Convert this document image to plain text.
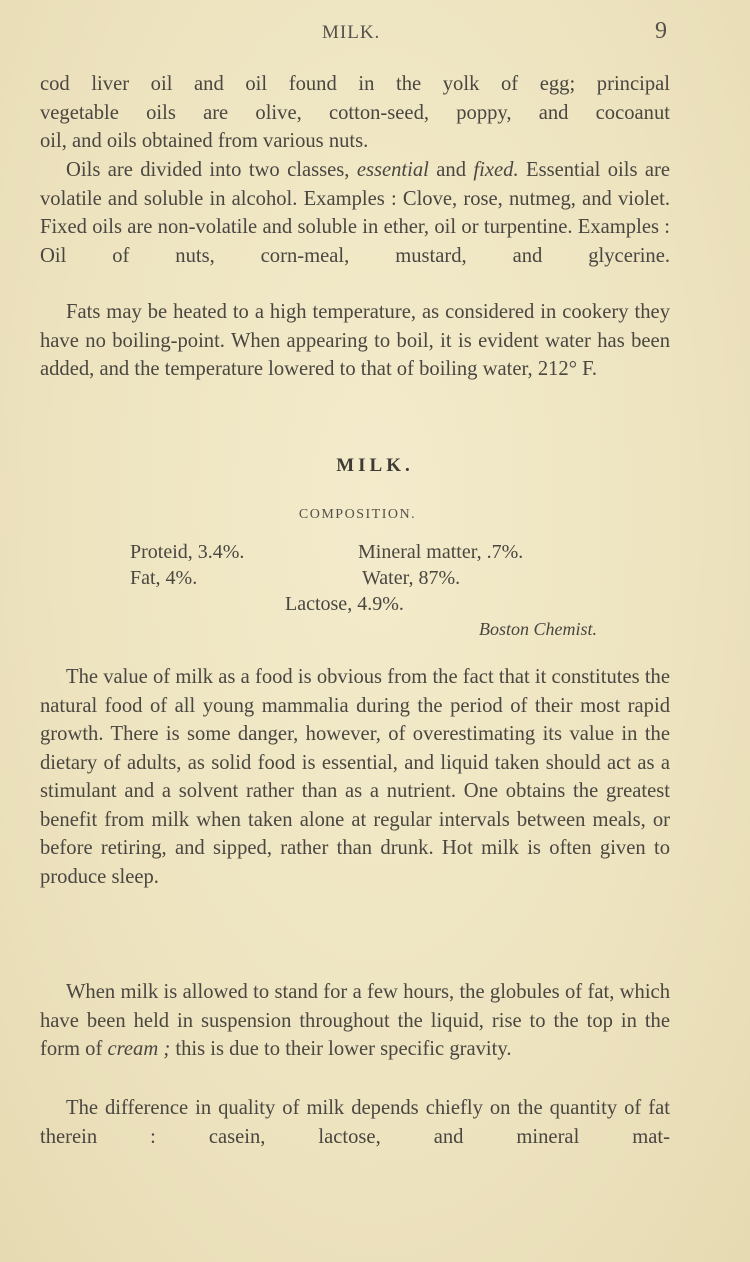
MILK.	9
cod liver oil and oil found in the yolk of egg; principal
vegetable oils are olive, cotton-seed, poppy, and cocoanut
oil, and oils obtained from various nuts.
Oils are divided into two classes, essential and fixed. Essential oils are volatile and soluble in alcohol. Examples : Clove, rose, nutmeg, and violet. Fixed oils are non-volatile and soluble in ether, oil or turpentine. Examples : Oil of nuts, corn-meal, mustard, and glycerine.
Fats may be heated to a high temperature, as considered in cookery they have no boiling-point. When appearing to boil, it is evident water has been added, and the temperature lowered to that of boiling water, 212° F.
MILK.
COMPOSITION.
Proteid, 3.4%.	Mineral matter, .7%.
Fat, 4%.	Water, 87%.
Lactose, 4.9%.
Boston Chemist.
The value of milk as a food is obvious from the fact that it constitutes the natural food of all young mammalia during the period of their most rapid growth. There is some danger, however, of overestimating its value in the dietary of adults, as solid food is essential, and liquid taken should act as a stimulant and a solvent rather than as a nutrient. One obtains the greatest benefit from milk when taken alone at regular intervals between meals, or before retiring, and sipped, rather than drunk. Hot milk is often given to produce sleep.
When milk is allowed to stand for a few hours, the globules of fat, which have been held in suspension throughout the liquid, rise to the top in the form of cream ; this is due to their lower specific gravity.
The difference in quality of milk depends chiefly on the quantity of fat therein : casein, lactose, and mineral mat-
